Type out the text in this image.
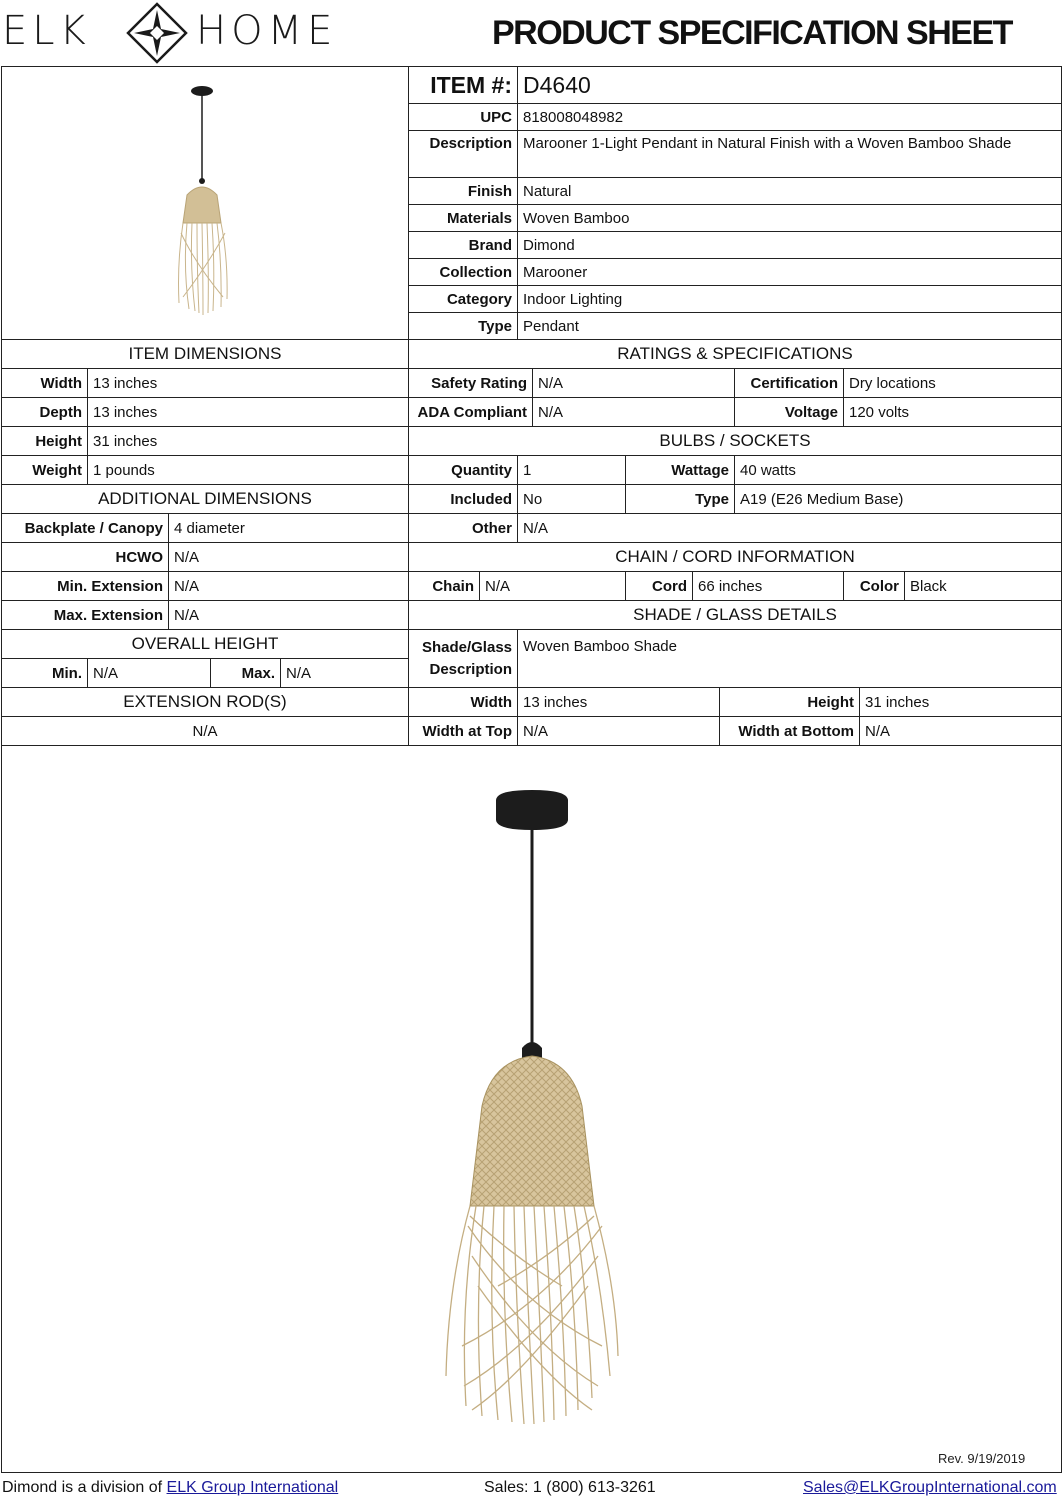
ELK	HOME	PRODUCT SPECIFICATION SHEET
ITEM #: D4640
UPC 818008048982
Description Marooner 1-Light Pendant in Natural Finish with a Woven Bamboo Shade
Finish Natural
Materials Woven Bamboo
Brand Dimond
Collection Marooner
Category Indoor Lighting
Type Pendant
ITEM DIMENSIONS
Width 13 inches
Depth 13 inches
Height 31 inches
Weight 1 pounds
ADDITIONAL DIMENSIONS
Backplate / Canopy 4 diameter
HCWO N/A
Min. Extension N/A
Max. Extension N/A
OVERALL HEIGHT
Min. N/A	Max. N/A
EXTENSION ROD(S)
N/A
RATINGS & SPECIFICATIONS
Safety Rating N/A	Certification Dry locations
ADA Compliant N/A	Voltage 120 volts
BULBS / SOCKETS
Quantity 1	Wattage 40 watts
Included No	Type A19 (E26 Medium Base)
Other N/A
CHAIN / CORD INFORMATION
Chain N/A	Cord 66 inches	Color Black
SHADE / GLASS DETAILS
Shade/Glass
Description
Woven Bamboo Shade
Width 13 inches	Height 31 inches
Width at Top N/A	Width at Bottom N/A
Rev. 9/19/2019
Dimond is a division of ELK Group International	Sales: 1 (800) 613-3261	Sales@ELKGroupInternational.com
